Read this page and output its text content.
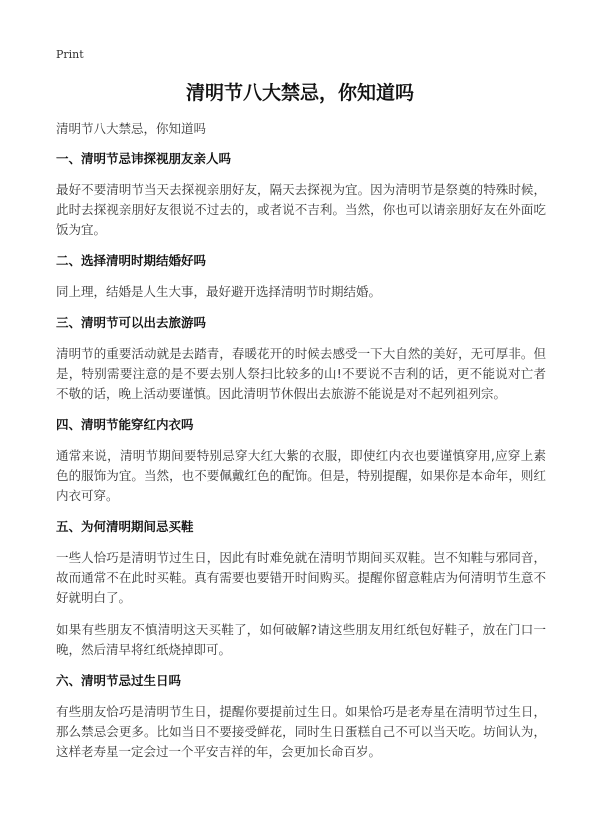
Print
清明节八大禁忌，你知道吗

清明节八大禁忌，你知道吗

一、清明节忌讳探视朋友亲人吗

最好不要清明节当天去探视亲朋好友，隔天去探视为宜。因为清明节是祭奠的特殊时候，此时去探视亲朋好友很说不过去的，或者说不吉利。当然，你也可以请亲朋好友在外面吃饭为宜。

二、选择清明时期结婚好吗

同上理，结婚是人生大事，最好避开选择清明节时期结婚。

三、清明节可以出去旅游吗

清明节的重要活动就是去踏青，春暖花开的时候去感受一下大自然的美好，无可厚非。但是，特别需要注意的是不要去别人祭扫比较多的山!不要说不吉利的话，更不能说对亡者不敬的话，晚上活动要谨慎。因此清明节休假出去旅游不能说是对不起列祖列宗。

四、清明节能穿红内衣吗

通常来说，清明节期间要特别忌穿大红大紫的衣服，即使红内衣也要谨慎穿用,应穿上素色的服饰为宜。当然，也不要佩戴红色的配饰。但是，特别提醒，如果你是本命年，则红内衣可穿。

五、为何清明期间忌买鞋

一些人恰巧是清明节过生日，因此有时难免就在清明节期间买双鞋。岂不知鞋与邪同音，故而通常不在此时买鞋。真有需要也要错开时间购买。提醒你留意鞋店为何清明节生意不好就明白了。

如果有些朋友不慎清明这天买鞋了，如何破解?请这些朋友用红纸包好鞋子，放在门口一晚，然后清早将红纸烧掉即可。

六、清明节忌过生日吗

有些朋友恰巧是清明节生日，提醒你要提前过生日。如果恰巧是老寿星在清明节过生日，那么禁忌会更多。比如当日不要接受鲜花，同时生日蛋糕自己不可以当天吃。坊间认为，这样老寿星一定会过一个平安吉祥的年，会更加长命百岁。
